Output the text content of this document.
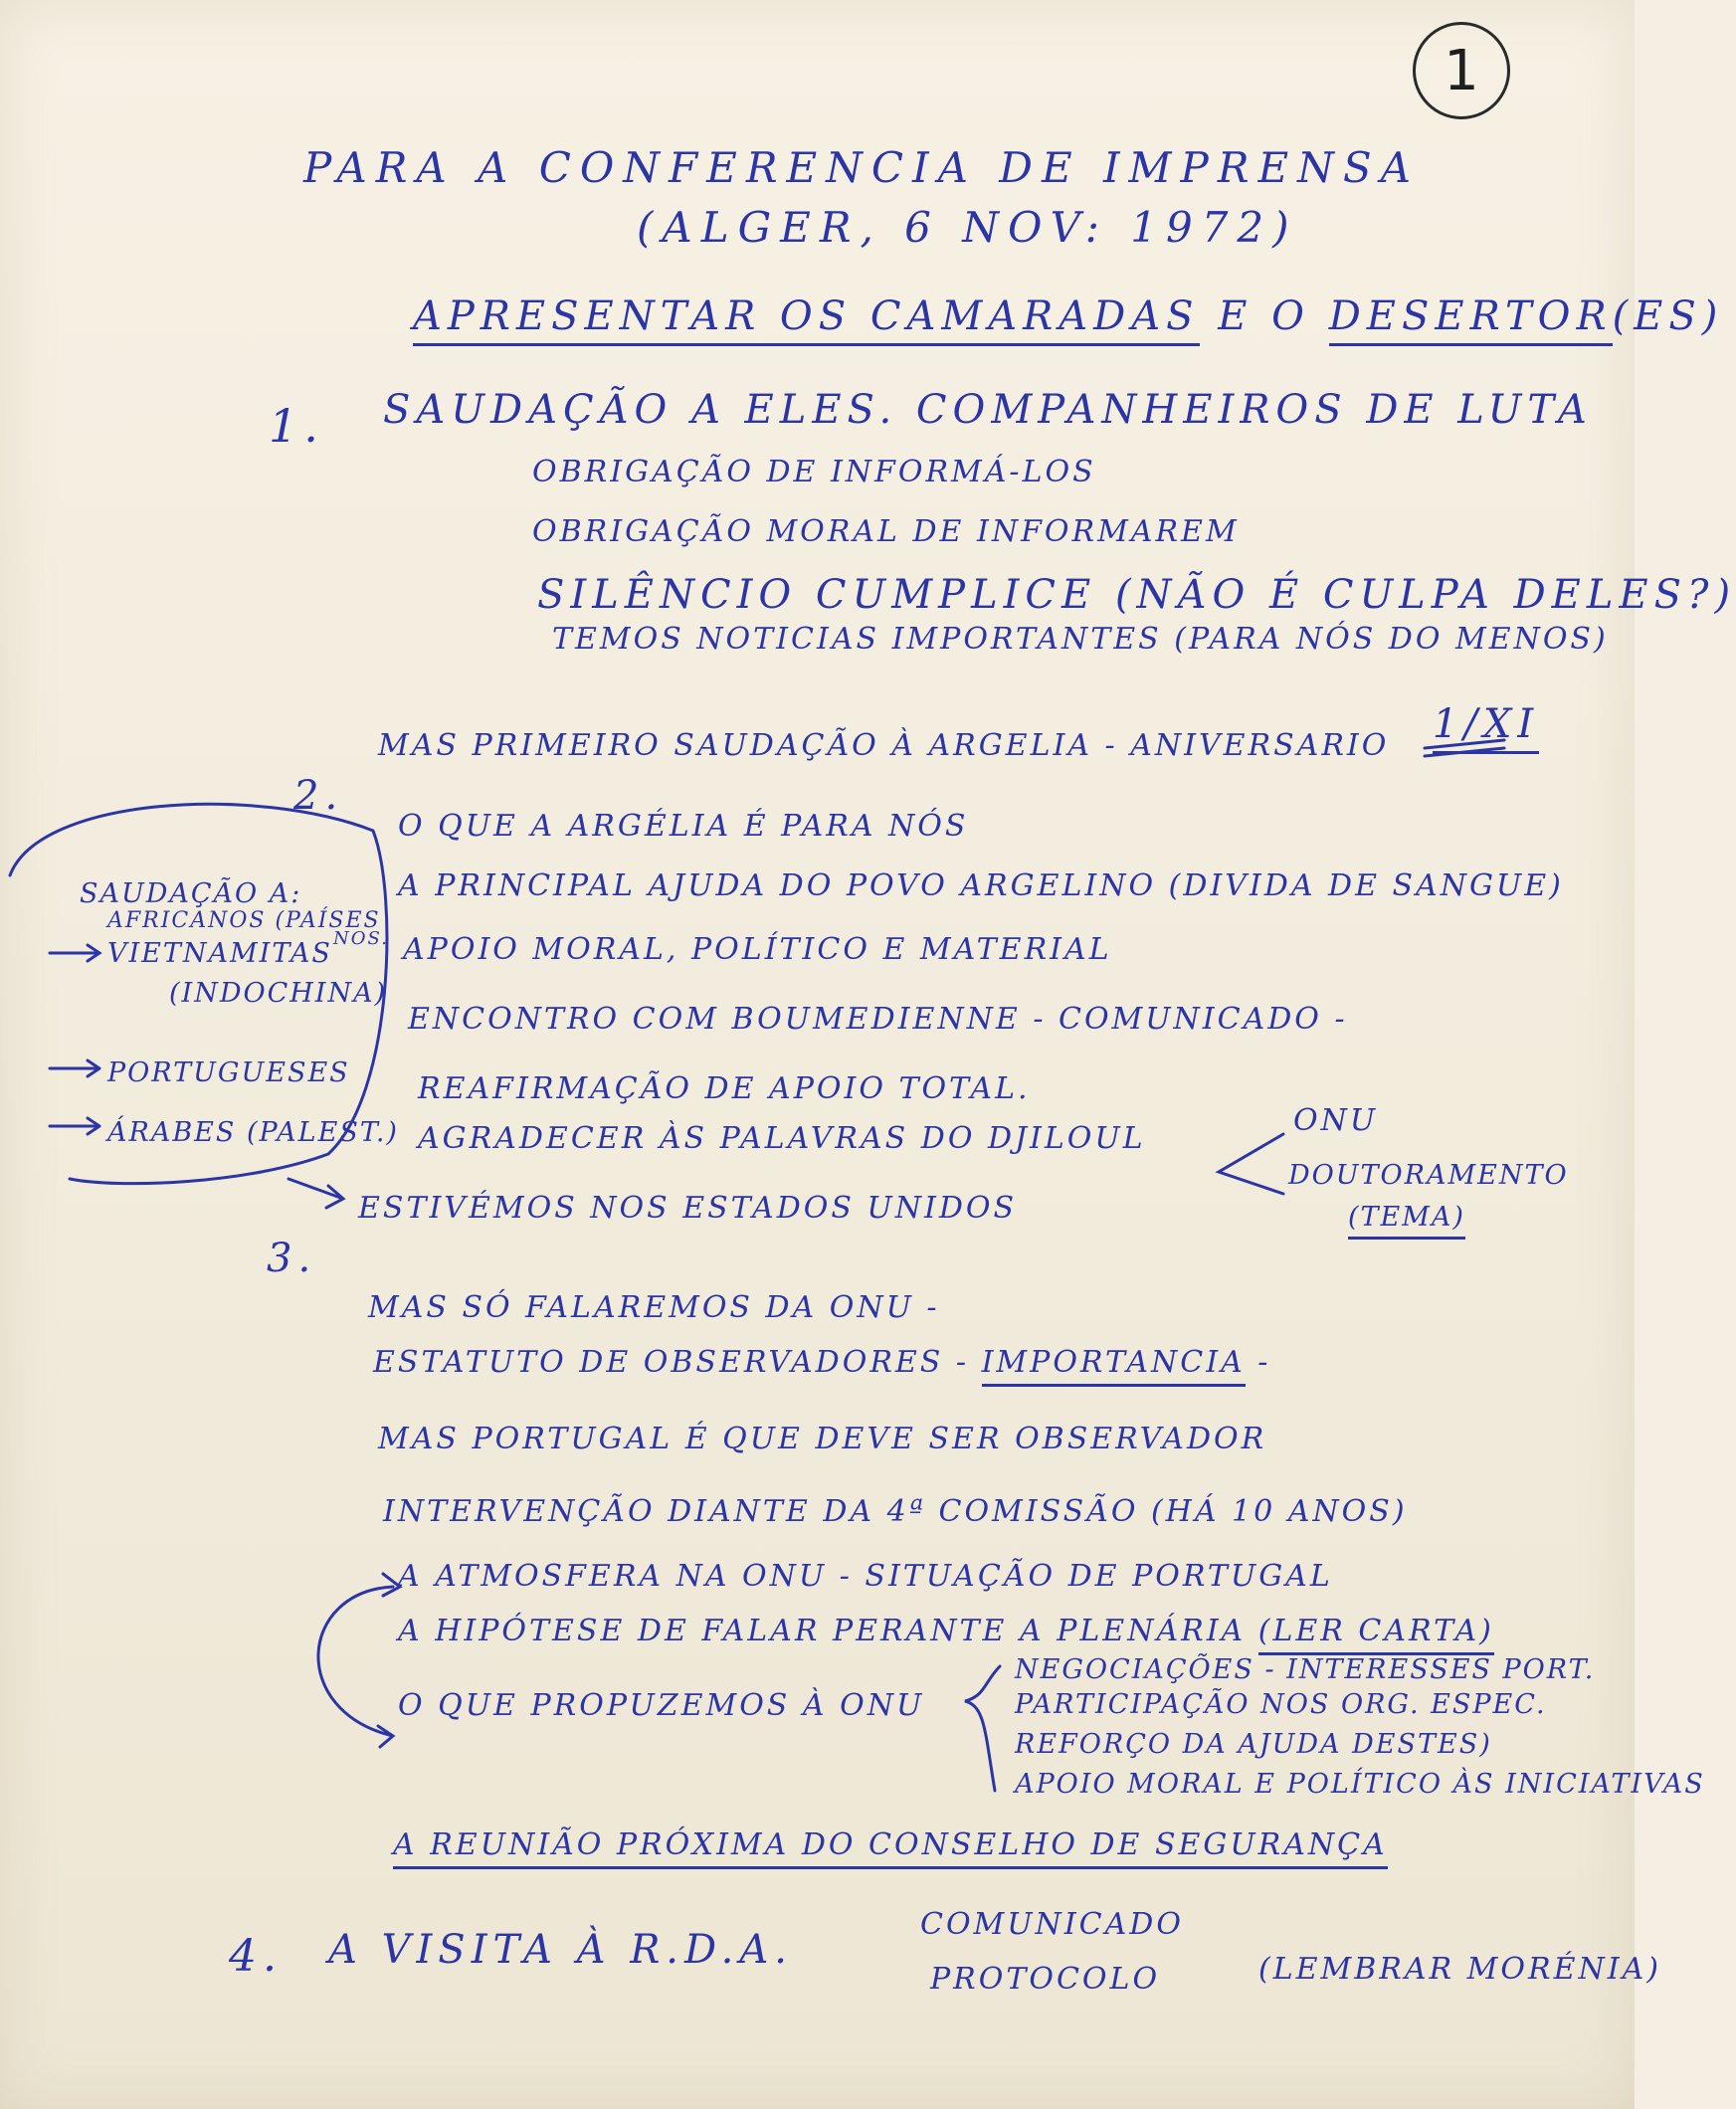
1
PARA A CONFERENCIA DE IMPRENSA
(ALGER, 6 NOV: 1972)
APRESENTAR OS CAMARADAS E O DESERTOR(ES)
1. SAUDAÇÃO A ELES. COMPANHEIROS DE LUTA
OBRIGAÇÃO DE INFORMÁ-LOS
OBRIGAÇÃO MORAL DE INFORMAREM
SILÊNCIO CUMPLICE (NÃO É CULPA DELES?)
TEMOS NOTICIAS IMPORTANTES (PARA NÓS DO MENOS)
2.
MAS PRIMEIRO SAUDAÇÃO À ARGELIA - ANIVERSARIO 1/XI
O QUE A ARGÉLIA É PARA NÓS
A PRINCIPAL AJUDA DO POVO ARGELINO (DIVIDA DE SANGUE)
APOIO MORAL, POLÍTICO E MATERIAL
ENCONTRO COM BOUMEDIENNE - COMUNICADO -
REAFIRMAÇÃO DE APOIO TOTAL.
AGRADECER ÀS PALAVRAS DO DJILOUL
SAUDAÇÃO A:
AFRICANOS (PAÍSES
NOS.
VIETNAMITAS
(INDOCHINA)
PORTUGUESES
ÁRABES (PALEST.)
3.
ESTIVÉMOS NOS ESTADOS UNIDOS
ONU
DOUTORAMENTO
(TEMA)
MAS SÓ FALAREMOS DA ONU -
ESTATUTO DE OBSERVADORES - IMPORTANCIA -
MAS PORTUGAL É QUE DEVE SER OBSERVADOR
INTERVENÇÃO DIANTE DA 4ª COMISSÃO (HÁ 10 ANOS)
A ATMOSFERA NA ONU - SITUAÇÃO DE PORTUGAL
A HIPÓTESE DE FALAR PERANTE A PLENÁRIA (LER CARTA)
O QUE PROPUZEMOS À ONU
NEGOCIAÇÕES - INTERESSES PORT.
PARTICIPAÇÃO NOS ORG. ESPEC.
REFORÇO DA AJUDA DESTES)
APOIO MORAL E POLÍTICO ÀS INICIATIVAS
A REUNIÃO PRÓXIMA DO CONSELHO DE SEGURANÇA
4. A VISITA À R.D.A.
COMUNICADO
PROTOCOLO	(LEMBRAR MORÉNIA)
